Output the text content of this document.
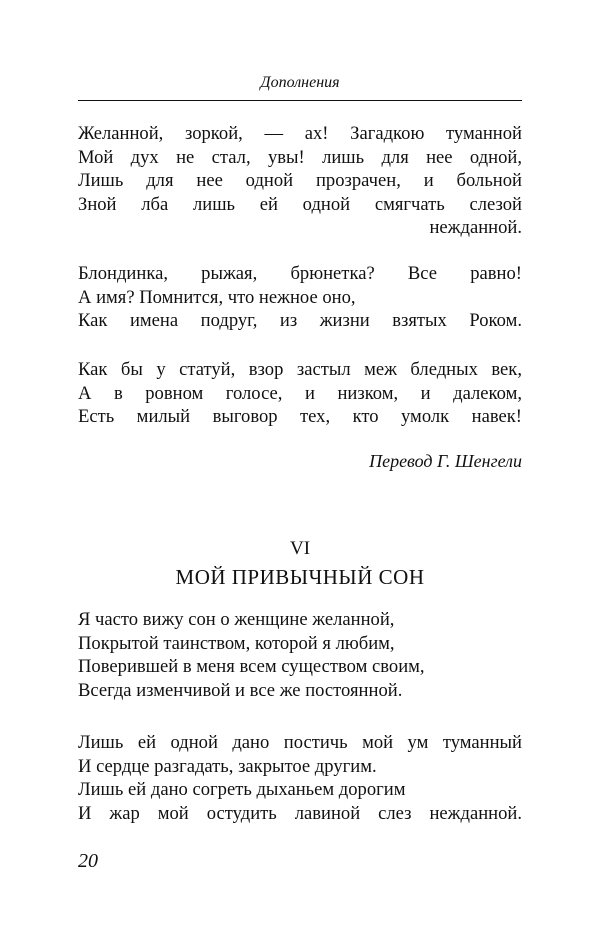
Дополнения
Желанной, зоркой, — ах! Загадкою туманной
Мой дух не стал, увы! лишь для нее одной,
Лишь для нее одной прозрачен, и больной
Зной лба лишь ей одной смягчать слезой
нежданной.
Блондинка, рыжая, брюнетка? Все равно!
А имя? Помнится, что нежное оно,
Как имена подруг, из жизни взятых Роком.
Как бы у статуй, взор застыл меж бледных век,
А в ровном голосе, и низком, и далеком,
Есть милый выговор тех, кто умолк навек!
Перевод Г. Шенгели
VI
МОЙ ПРИВЫЧНЫЙ СОН
Я часто вижу сон о женщине желанной,
Покрытой таинством, которой я любим,
Поверившей в меня всем существом своим,
Всегда изменчивой и все же постоянной.
Лишь ей одной дано постичь мой ум туманный
И сердце разгадать, закрытое другим.
Лишь ей дано согреть дыханьем дорогим
И жар мой остудить лавиной слез нежданной.
20
